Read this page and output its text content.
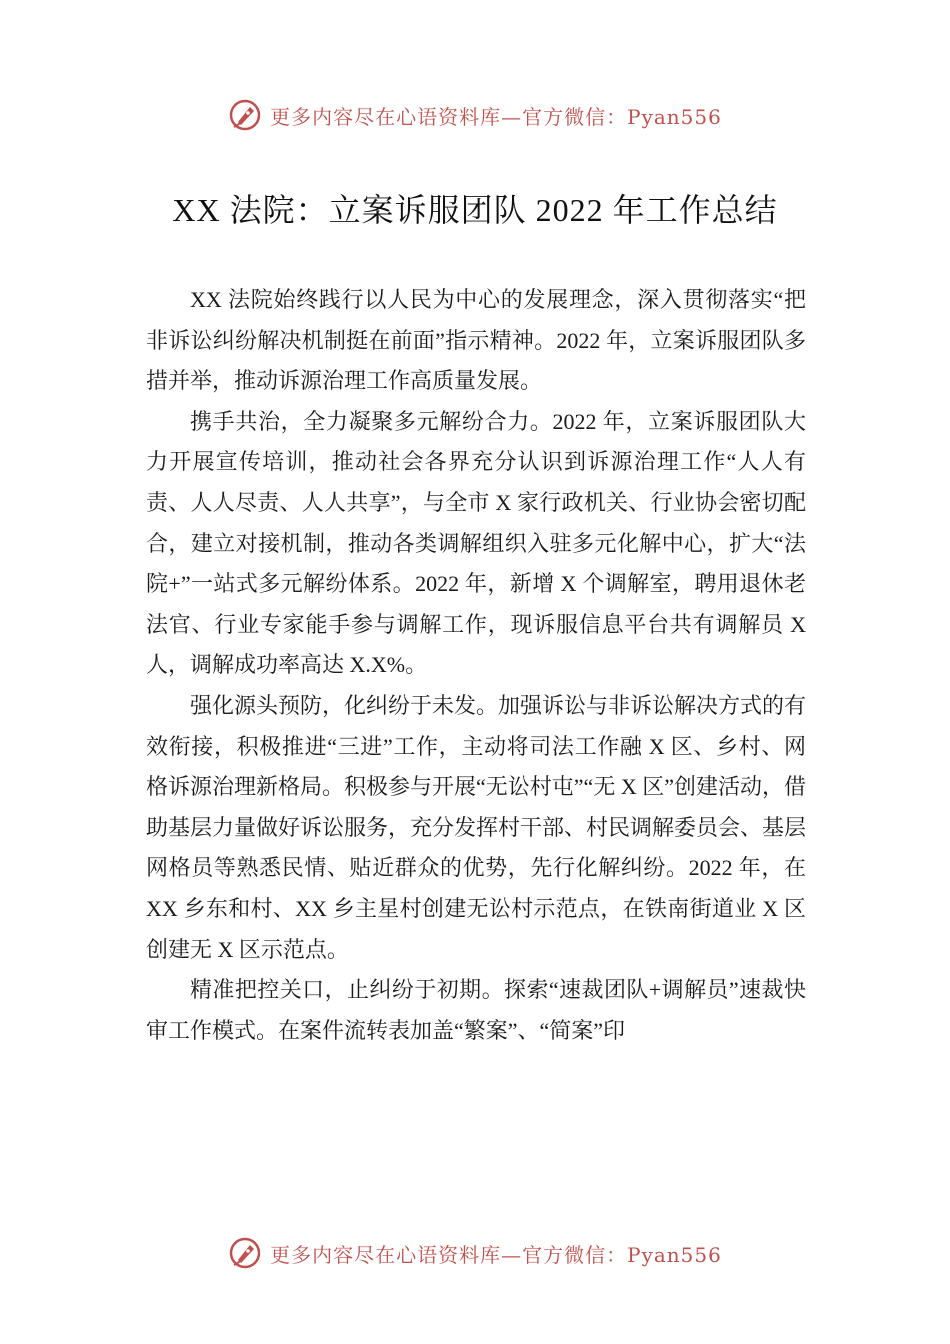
更多内容尽在心语资料库—官方微信：Pyan556
XX 法院：立案诉服团队 2022 年工作总结

XX 法院始终践行以人民为中心的发展理念，深入贯彻落实“把非诉讼纠纷解决机制挺在前面”指示精神。2022 年，立案诉服团队多措并举，推动诉源治理工作高质量发展。

携手共治，全力凝聚多元解纷合力。2022 年，立案诉服团队大力开展宣传培训，推动社会各界充分认识到诉源治理工作“人人有责、人人尽责、人人共享”，与全市 X 家行政机关、行业协会密切配合，建立对接机制，推动各类调解组织入驻多元化解中心，扩大“法院+”一站式多元解纷体系。2022 年，新增 X 个调解室，聘用退休老法官、行业专家能手参与调解工作，现诉服信息平台共有调解员 X 人，调解成功率高达 X.X%。

强化源头预防，化纠纷于未发。加强诉讼与非诉讼解决方式的有效衔接，积极推进“三进”工作，主动将司法工作融 X 区、乡村、网格诉源治理新格局。积极参与开展“无讼村屯”“无 X 区”创建活动，借助基层力量做好诉讼服务，充分发挥村干部、村民调解委员会、基层网格员等熟悉民情、贴近群众的优势，先行化解纠纷。2022 年，在 XX 乡东和村、XX 乡主星村创建无讼村示范点，在铁南街道业 X 区创建无 X 区示范点。

精准把控关口，止纠纷于初期。探索“速裁团队+调解员”速裁快审工作模式。在案件流转表加盖“繁案”、“简案”印

更多内容尽在心语资料库—官方微信：Pyan556
